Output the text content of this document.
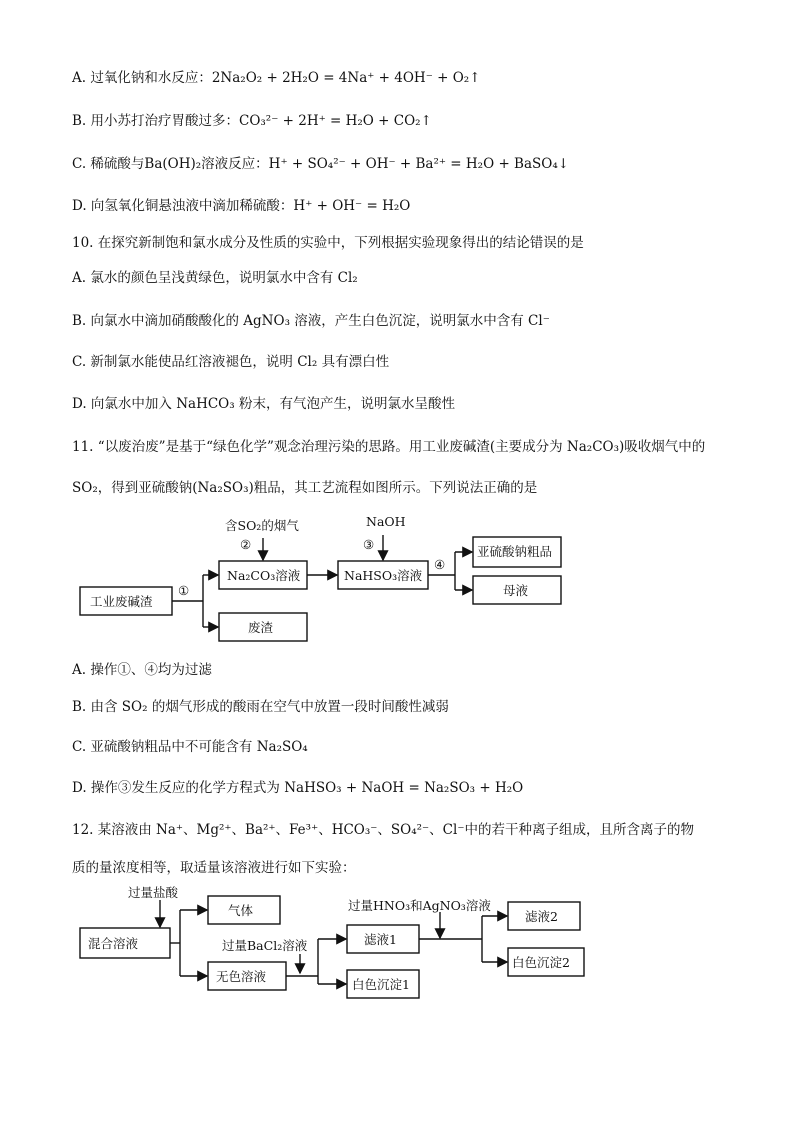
A. 过氧化钠和水反应：2Na₂O₂ + 2H₂O = 4Na⁺ + 4OH⁻ + O₂↑
B. 用小苏打治疗胃酸过多：CO₃²⁻ + 2H⁺ = H₂O + CO₂↑
C. 稀硫酸与Ba(OH)₂溶液反应：H⁺ + SO₄²⁻ + OH⁻ + Ba²⁺ = H₂O + BaSO₄↓
D. 向氢氧化铜悬浊液中滴加稀硫酸：H⁺ + OH⁻ = H₂O
10. 在探究新制饱和氯水成分及性质的实验中，下列根据实验现象得出的结论错误的是
A. 氯水的颜色呈浅黄绿色，说明氯水中含有 Cl₂
B. 向氯水中滴加硝酸酸化的 AgNO₃ 溶液，产生白色沉淀，说明氯水中含有 Cl⁻
C. 新制氯水能使品红溶液褪色，说明 Cl₂ 具有漂白性
D. 向氯水中加入 NaHCO₃ 粉末，有气泡产生，说明氯水呈酸性
11. “以废治废”是基于“绿色化学”观念治理污染的思路。用工业废碱渣(主要成分为 Na₂CO₃)吸收烟气中的
SO₂，得到亚硫酸钠(Na₂SO₃)粗品，其工艺流程如图所示。下列说法正确的是
A. 操作①、④均为过滤
B. 由含 SO₂ 的烟气形成的酸雨在空气中放置一段时间酸性减弱
C. 亚硫酸钠粗品中不可能含有 Na₂SO₄
D. 操作③发生反应的化学方程式为 NaHSO₃ + NaOH = Na₂SO₃ + H₂O
12. 某溶液由 Na⁺、Mg²⁺、Ba²⁺、Fe³⁺、HCO₃⁻、SO₄²⁻、Cl⁻中的若干种离子组成，且所含离子的物
质的量浓度相等，取适量该溶液进行如下实验：
含SO₂的烟气
②
NaOH
③
①
④
工业废碱渣
Na₂CO₃溶液	NaHSO₃溶液
亚硫酸钠粗品
母液
废渣
过量盐酸
过量BaCl₂溶液
过量HNO₃和AgNO₃溶液
混合溶液
气体
无色溶液
滤液1
白色沉淀1
滤液2
白色沉淀2
